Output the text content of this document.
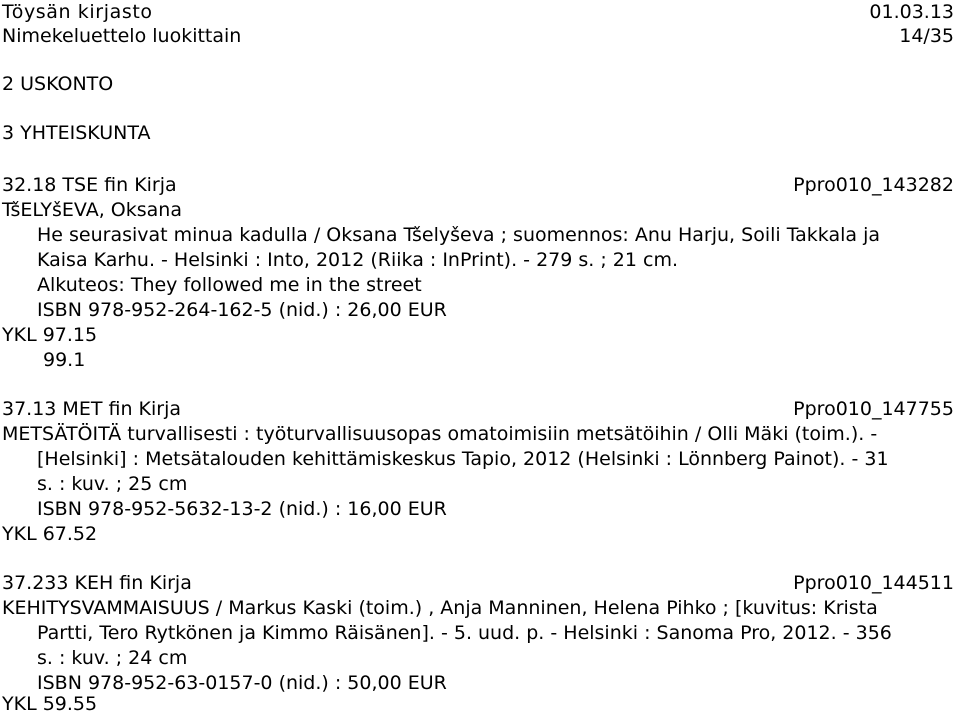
Töysän kirjasto	01.03.13
Nimekeluettelo luokittain	14/35
2 USKONTO
3 YHTEISKUNTA
32.18 TSE fin Kirja	Ppro010_143282
TšELYšEVA, Oksana
He seurasivat minua kadulla / Oksana Tšelyševa ; suomennos: Anu Harju, Soili Takkala ja
Kaisa Karhu. - Helsinki : Into, 2012 (Riika : InPrint). - 279 s. ; 21 cm.
Alkuteos: They followed me in the street
ISBN 978-952-264-162-5 (nid.) : 26,00 EUR
YKL 97.15
99.1
37.13 MET fin Kirja	Ppro010_147755
METSÄTÖITÄ turvallisesti : työturvallisuusopas omatoimisiin metsätöihin / Olli Mäki (toim.). -
[Helsinki] : Metsätalouden kehittämiskeskus Tapio, 2012 (Helsinki : Lönnberg Painot). - 31
s. : kuv. ; 25 cm
ISBN 978-952-5632-13-2 (nid.) : 16,00 EUR
YKL 67.52
37.233 KEH fin Kirja	Ppro010_144511
KEHITYSVAMMAISUUS / Markus Kaski (toim.) , Anja Manninen, Helena Pihko ; [kuvitus: Krista
Partti, Tero Rytkönen ja Kimmo Räisänen]. - 5. uud. p. - Helsinki : Sanoma Pro, 2012. - 356
s. : kuv. ; 24 cm
ISBN 978-952-63-0157-0 (nid.) : 50,00 EUR
YKL 59.55
